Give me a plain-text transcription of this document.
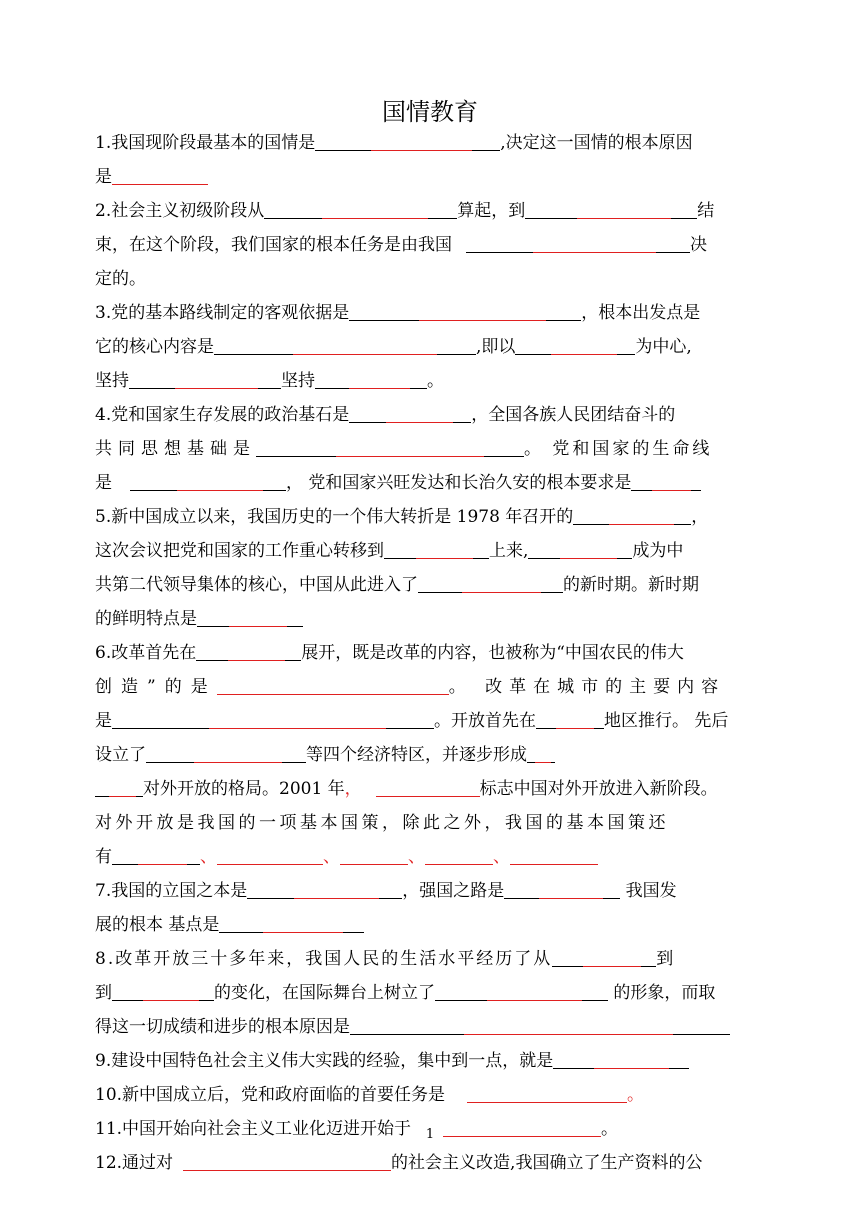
国情教育
1.我国现阶段最基本的国情是	,决定这一国情的根本原因
是
2.社会主义初级阶段从	算起，到	结
束，在这个阶段，我们国家的根本任务是由我国	决
定的。
3.党的基本路线制定的客观依据是	，根本出发点是
它的核心内容是	,即以	为中心,
坚持	坚持	。
4.党和国家生存发展的政治基石是	，全国各族人民团结奋斗的
共同思想基础是	。 党和国家的生命线
是	， 党和国家兴旺发达和长治久安的根本要求是
5.新中国成立以来，我国历史的一个伟大转折是 1978 年召开的	，
这次会议把党和国家的工作重心转移到	上来,	成为中
共第二代领导集体的核心，中国从此进入了	的新时期。新时期
的鲜明特点是
6.改革首先在	展开，既是改革的内容，也被称为“中国农民的伟大
创造”的是	。 改革在城市的主要内容
是	。开放首先在	地区推行。 先后
设立了	等四个经济特区，并逐步形成
对外开放的格局。2001 年，	标志中国对外开放进入新阶段。
对外开放是我国的一项基本国策，除此之外，我国的基本国策还
有	、	、	、	、
7.我国的立国之本是	，强国之路是	我国发
展的根本 基点是
8.改革开放三十多年来，我国人民的生活水平经历了从	到
到	的变化，在国际舞台上树立了	的形象，而取
得这一切成绩和进步的根本原因是
9.建设中国特色社会主义伟大实践的经验，集中到一点，就是
10.新中国成立后，党和政府面临的首要任务是	。
11.中国开始向社会主义工业化迈进开始于	。
12.通过对	的社会主义改造,我国确立了生产资料的公
1
